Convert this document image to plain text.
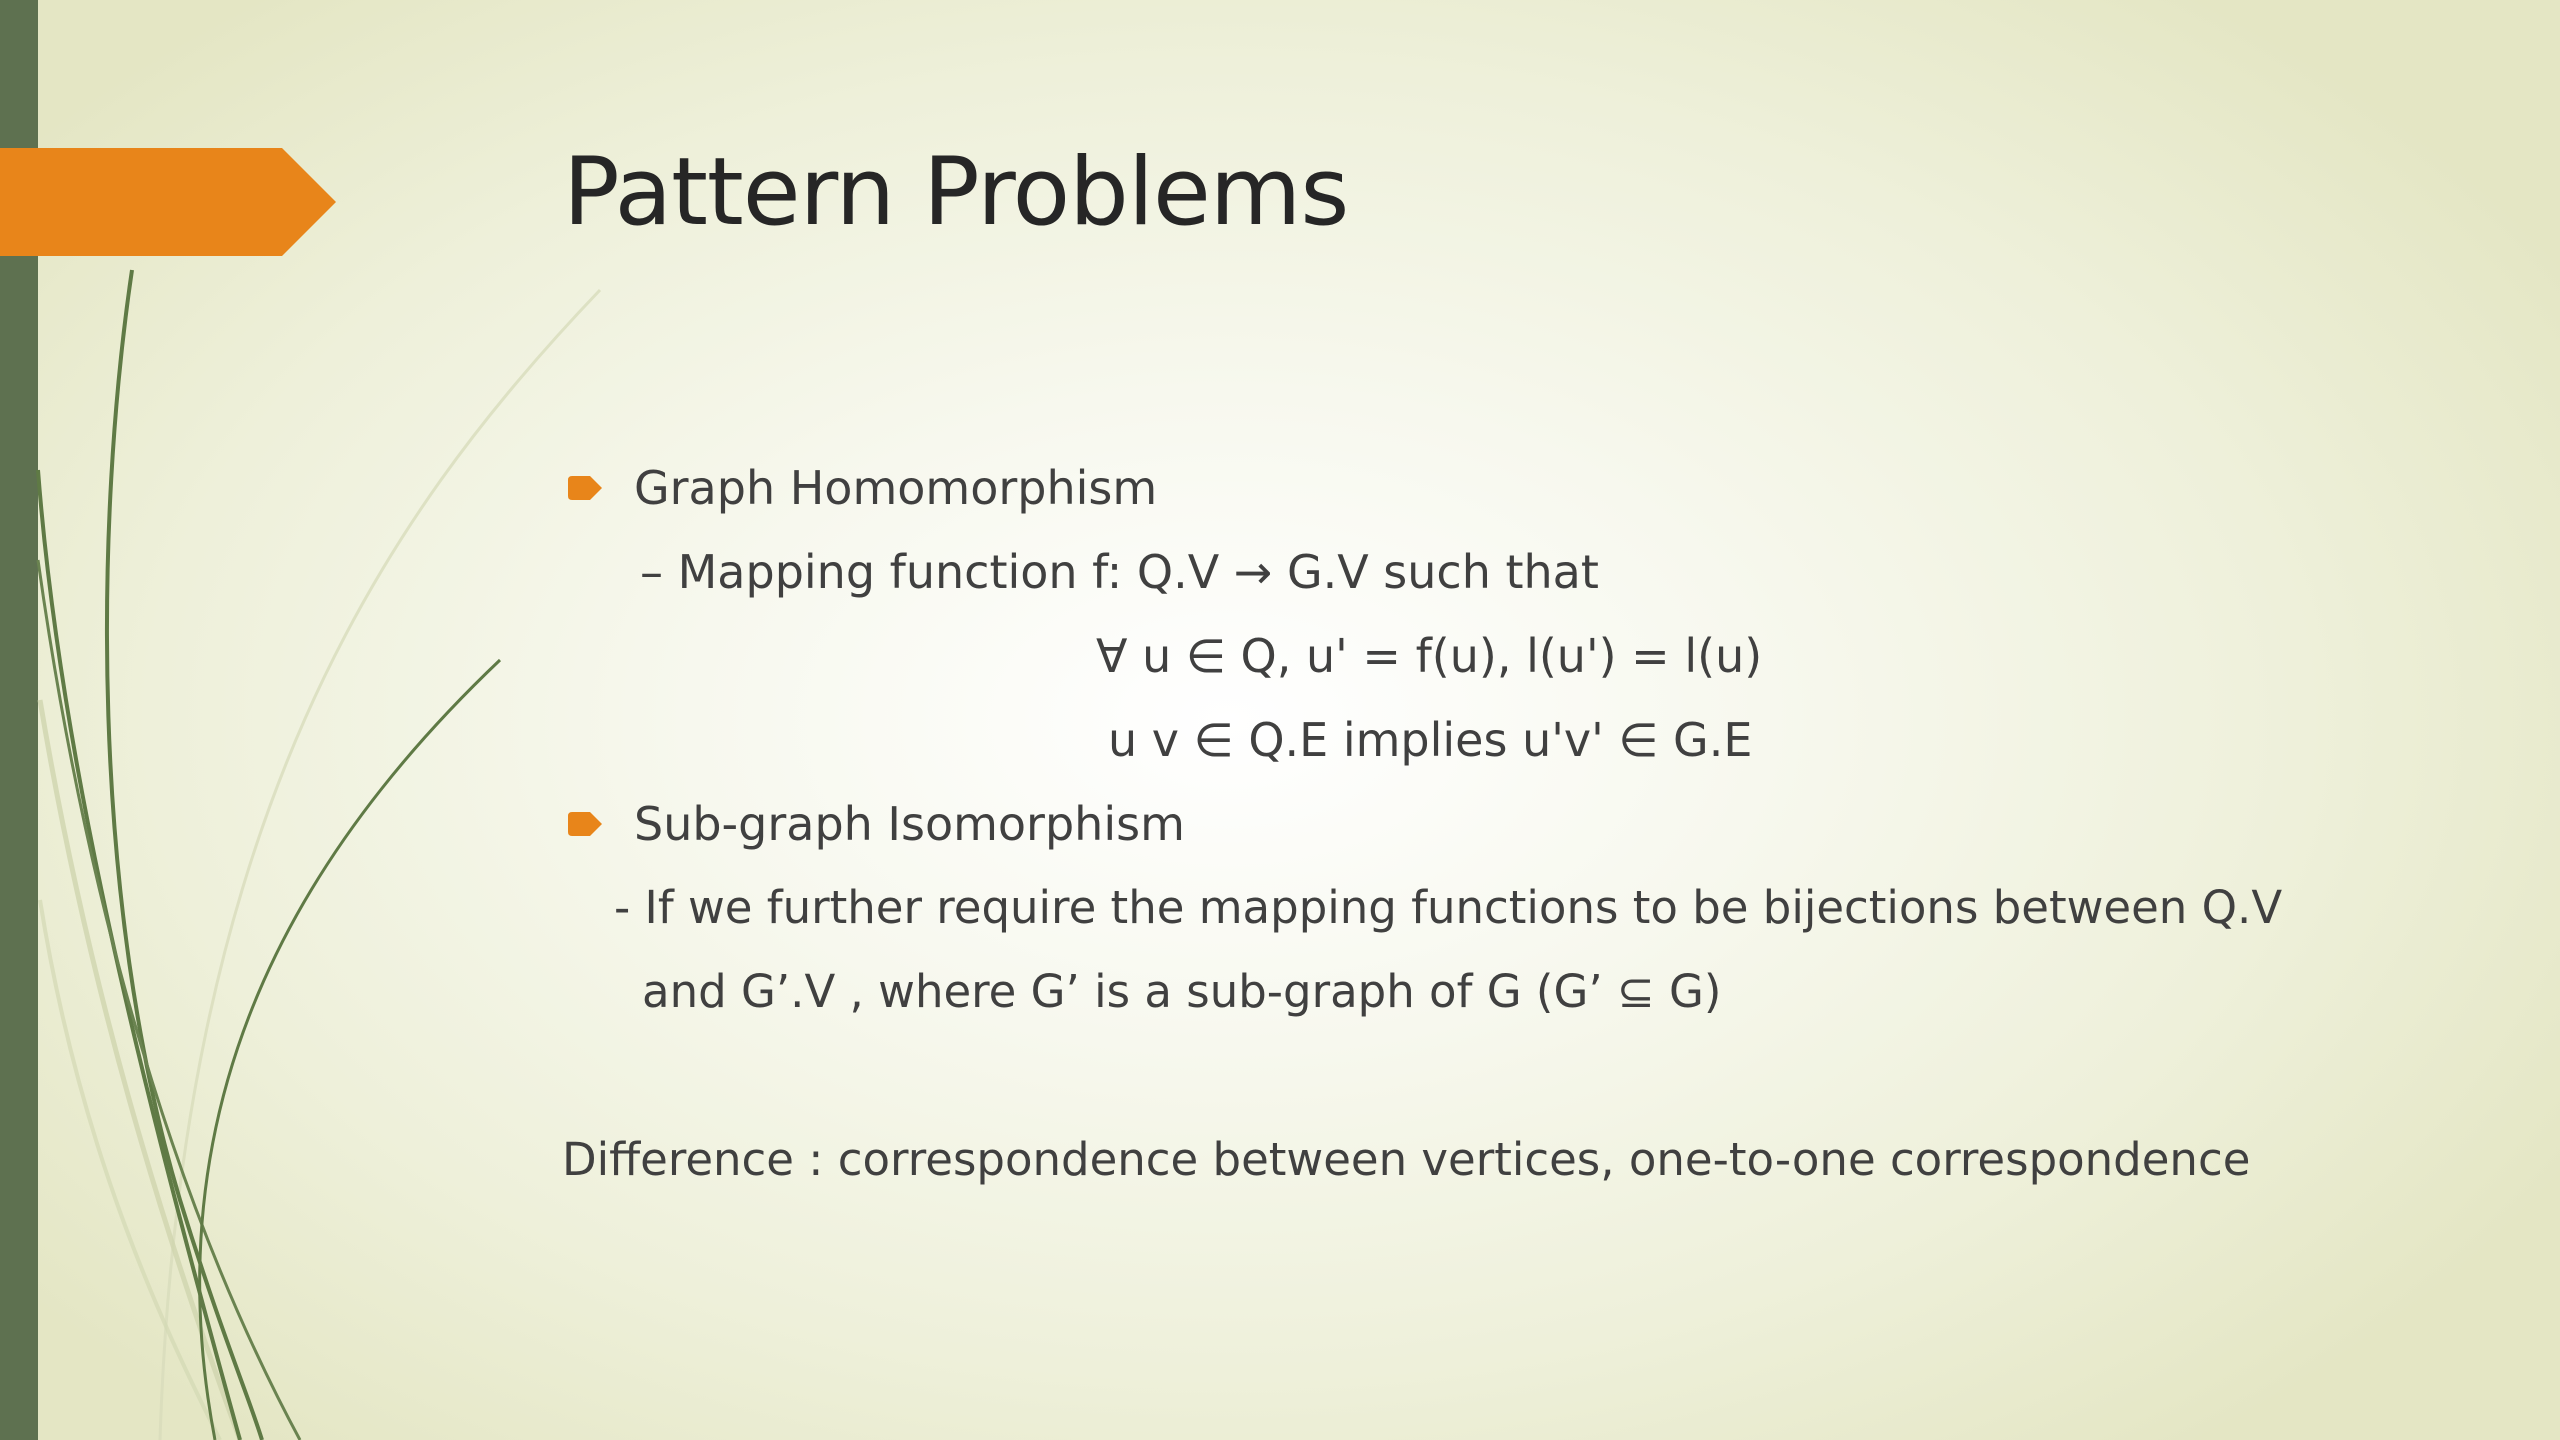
Pattern Problems
Graph Homomorphism
– Mapping function f: Q.V → G.V such that
∀ u ∈ Q, u' = f(u), l(u') = l(u)
u v ∈ Q.E implies u'v' ∈ G.E
Sub-graph Isomorphism
- If we further require the mapping functions to be bijections between Q.V
and G’.V , where G’ is a sub-graph of G (G’ ⊆ G)
Difference : correspondence between vertices, one-to-one correspondence
